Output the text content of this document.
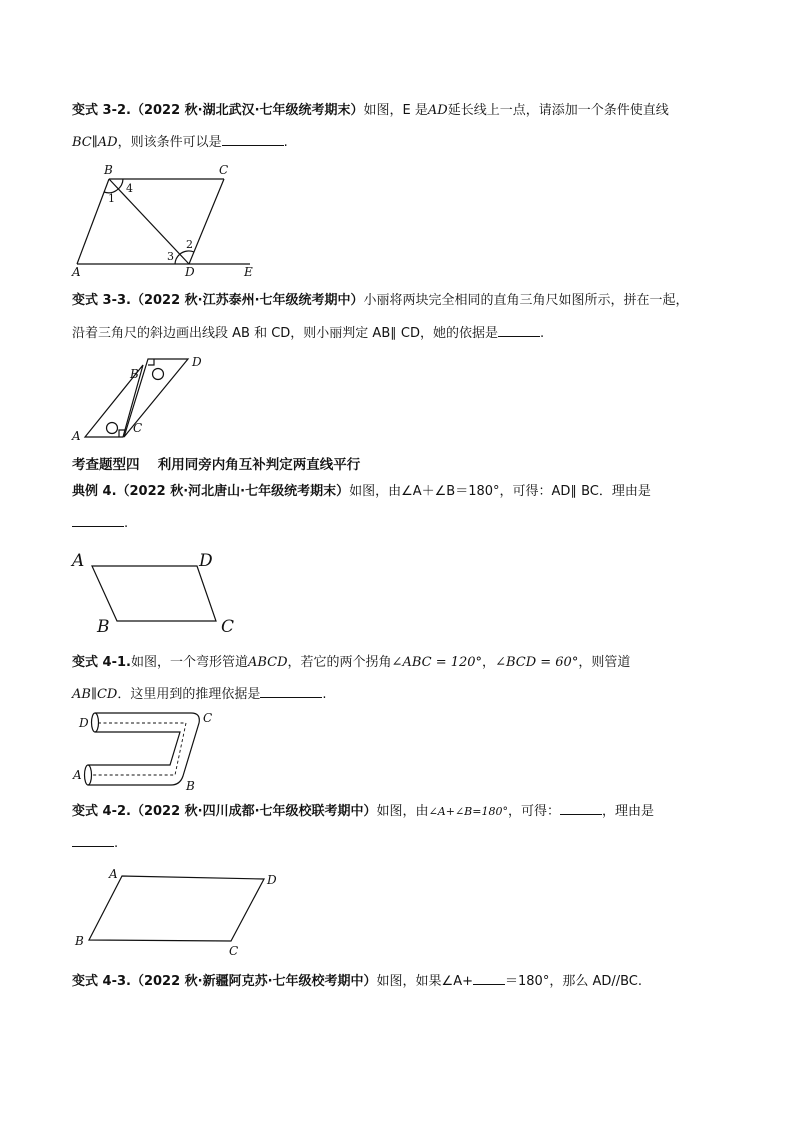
变式 3-2.（2022 秋·湖北武汉·七年级统考期末）如图，E 是AD延长线上一点，请添加一个条件使直线
BC∥AD，则该条件可以是	.
B	C
A	D	E
1
4
3
2
变式 3-3.（2022 秋·江苏泰州·七年级统考期中）小丽将两块完全相同的直角三角尺如图所示，拼在一起，
沿着三角尺的斜边画出线段 AB 和 CD，则小丽判定 AB∥ CD，她的依据是	.
A
B
C
D
考查题型四　 利用同旁内角互补判定两直线平行
典例 4.（2022 秋·河北唐山·七年级统考期末）如图，由∠A＋∠B＝180°，可得：AD∥ BC．理由是
.
A	D
B	C
变式 4-1.如图，一个弯形管道ABCD，若它的两个拐角∠ABC = 120°，∠BCD = 60°，则管道
AB∥CD．这里用到的推理依据是	.
D	C
A
B
变式 4-2.（2022 秋·四川成都·七年级校联考期中）如图，由∠A+∠B=180°，可得：	，理由是
.
A	D
B
C
变式 4-3.（2022 秋·新疆阿克苏·七年级校考期中）如图，如果∠A+ ＝180°，那么 AD//BC.
